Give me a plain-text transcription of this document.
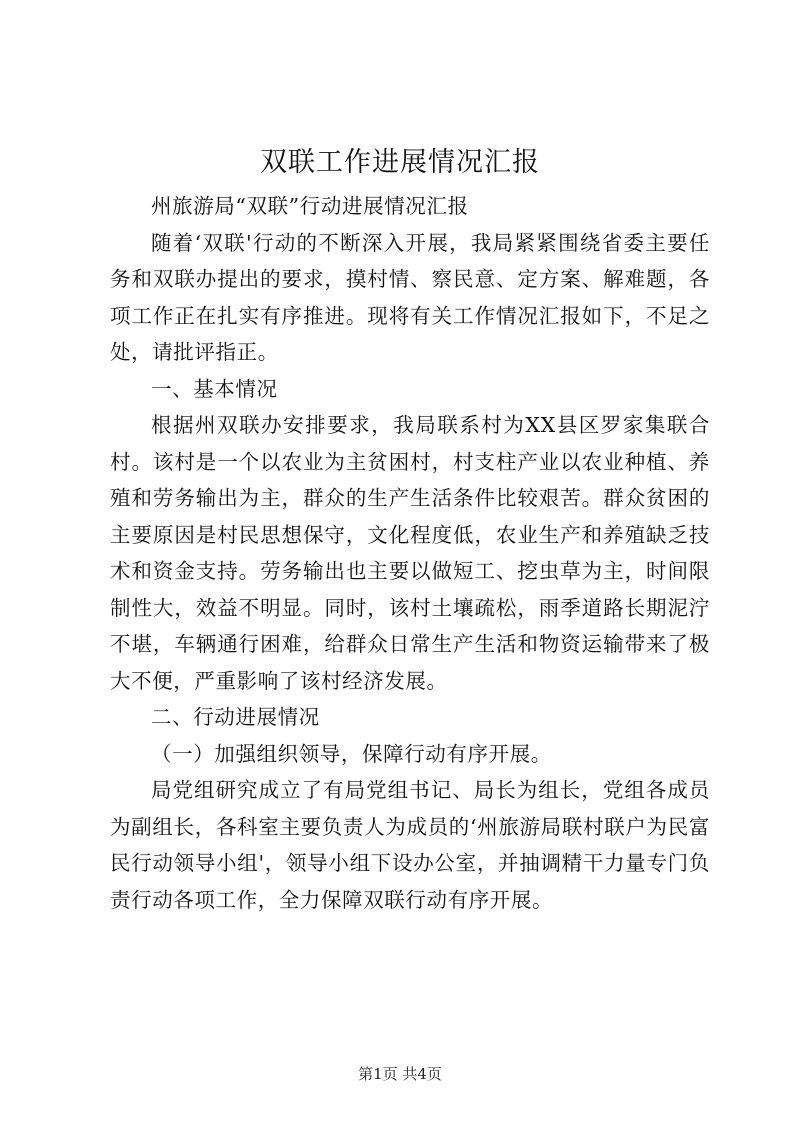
双联工作进展情况汇报

州旅游局“双联”行动进展情况汇报

随着‘双联'行动的不断深入开展，我局紧紧围绕省委主要任务和双联办提出的要求，摸村情、察民意、定方案、解难题，各项工作正在扎实有序推进。现将有关工作情况汇报如下，不足之处，请批评指正。

一、基本情况

根据州双联办安排要求，我局联系村为XX县区罗家集联合村。该村是一个以农业为主贫困村，村支柱产业以农业种植、养殖和劳务输出为主，群众的生产生活条件比较艰苦。群众贫困的主要原因是村民思想保守，文化程度低，农业生产和养殖缺乏技术和资金支持。劳务输出也主要以做短工、挖虫草为主，时间限制性大，效益不明显。同时，该村土壤疏松，雨季道路长期泥泞不堪，车辆通行困难，给群众日常生产生活和物资运输带来了极大不便，严重影响了该村经济发展。

二、行动进展情况

（一）加强组织领导，保障行动有序开展。

局党组研究成立了有局党组书记、局长为组长，党组各成员为副组长，各科室主要负责人为成员的‘州旅游局联村联户为民富民行动领导小组'，领导小组下设办公室，并抽调精干力量专门负责行动各项工作，全力保障双联行动有序开展。

第1页 共4页
